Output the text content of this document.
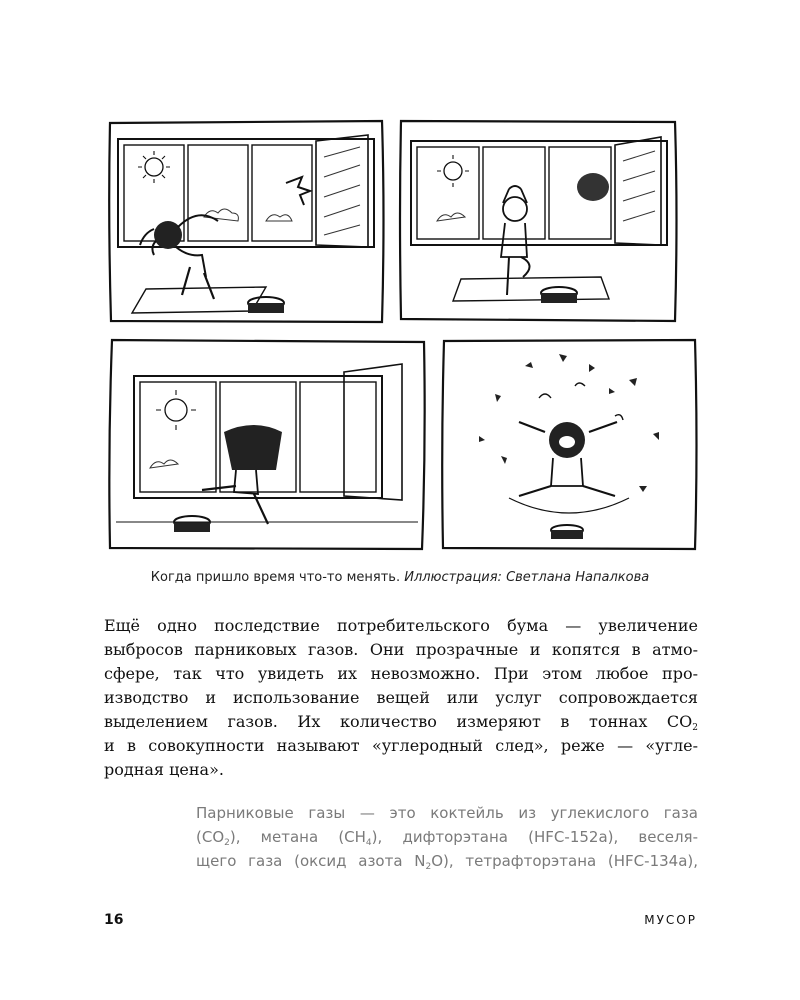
Когда пришло время что-то менять. Иллюстрация: Светлана Напалкова
Ещё одно последствие потребительского бума — увеличение
выбросов парниковых газов. Они прозрачные и копятся в атмо-
сфере, так что увидеть их невозможно. При этом любое про-
изводство и использование вещей или услуг сопровождается
выделением газов. Их количество измеряют в тоннах $CO_2$
и в совокупности называют «углеродный след», реже — «угле-
родная цена».
Парниковые газы — это коктейль из углекислого газа
$(CO_2)$, метана $(CH_4)$, дифторэтана (HFC-152a), веселя-
щего газа (оксид азота $N_2O$), тетрафторэтана (HFC-134a),
16	МУСОР
